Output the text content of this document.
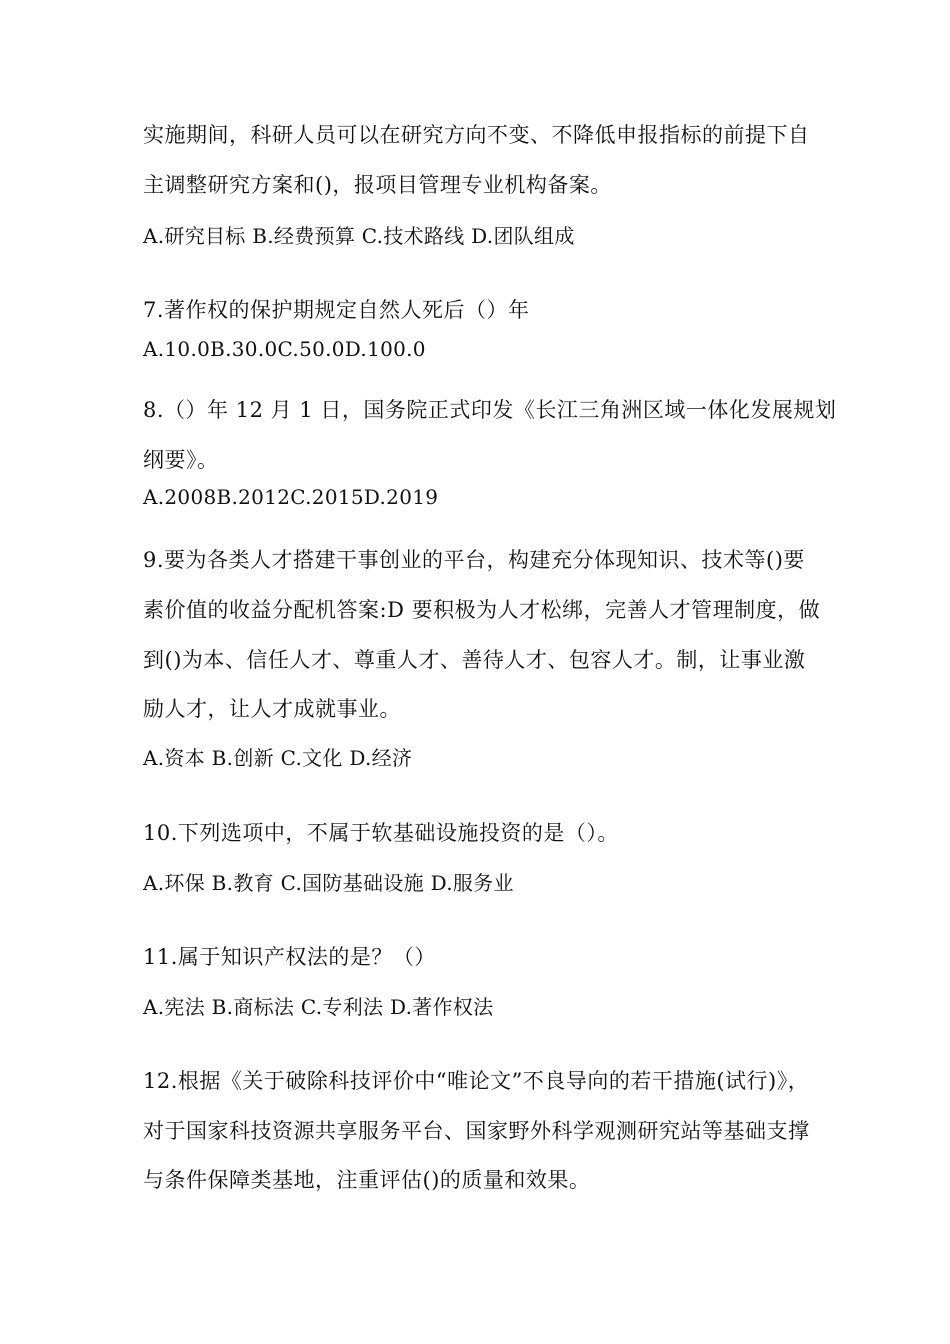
实施期间，科研人员可以在研究方向不变、不降低申报指标的前提下自
主调整研究方案和()，报项目管理专业机构备案。
A.研究目标 B.经费预算 C.技术路线 D.团队组成
7.著作权的保护期规定自然人死后（）年
A.10.0B.30.0C.50.0D.100.0
8.（）年 12 月 1 日，国务院正式印发《长江三角洲区域一体化发展规划
纲要》。
A.2008B.2012C.2015D.2019
9.要为各类人才搭建干事创业的平台，构建充分体现知识、技术等()要
素价值的收益分配机答案:D 要积极为人才松绑，完善人才管理制度，做
到()为本、信任人才、尊重人才、善待人才、包容人才。制，让事业激
励人才，让人才成就事业。
A.资本 B.创新 C.文化 D.经济
10.下列选项中，不属于软基础设施投资的是（）。
A.环保 B.教育 C.国防基础设施 D.服务业
11.属于知识产权法的是？（）
A.宪法 B.商标法 C.专利法 D.著作权法
12.根据《关于破除科技评价中“唯论文”不良导向的若干措施(试行)》，
对于国家科技资源共享服务平台、国家野外科学观测研究站等基础支撑
与条件保障类基地，注重评估()的质量和效果。
